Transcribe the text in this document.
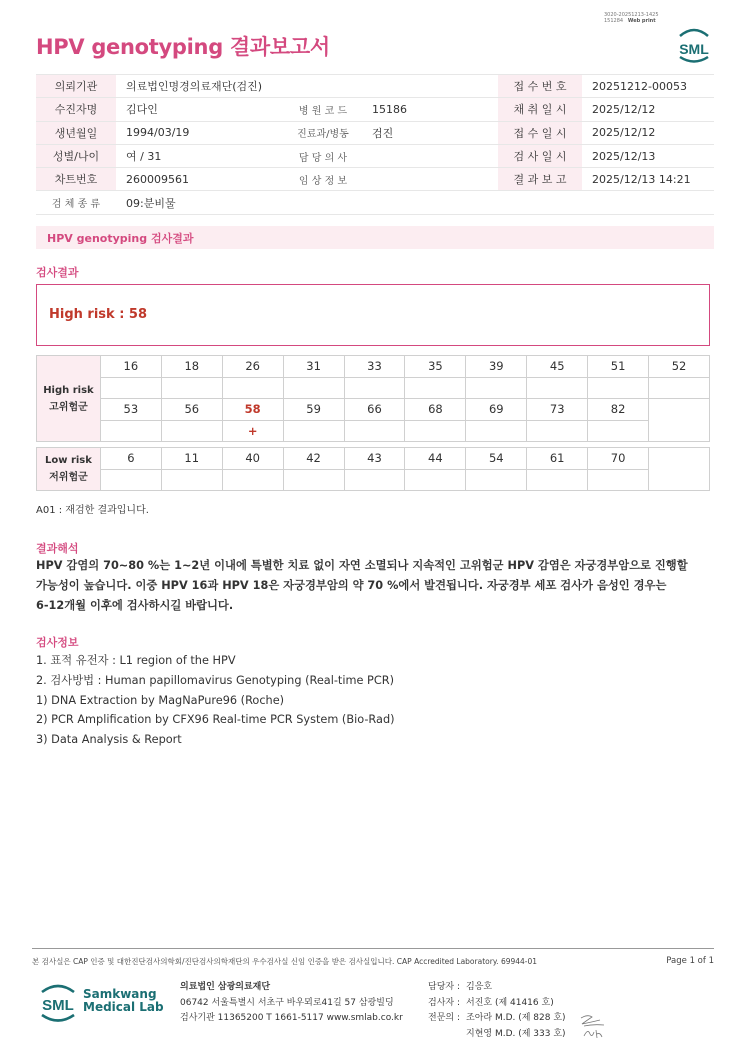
HPV genotyping 결과보고서
3020-20251213-1425
151284 Web print
SML
의뢰기관	의료법인명경의료재단(검진)			접 수 번 호	20251212-00053
수진자명	김다인	병 원 코 드	15186	채 취 일 시	2025/12/12
생년월일	1994/03/19	진료과/병동	검진	접 수 일 시	2025/12/12
성별/나이	여 / 31	담 당 의 사		검 사 일 시	2025/12/13
차트번호	260009561	임 상 정 보		결 과 보 고	2025/12/13 14:21
검 체 종 류	09:분비물				
HPV genotyping 검사결과
검사결과
High risk : 58
High risk
고위험군	16	18	26	31	33	35	39	45	51	52

	53	56	58	59	66	68	69	73	82	
			+							
Low risk
저위험군	6	11	40	42	43	44	54	61	70	

A01 : 재검한 결과입니다.
결과해석
HPV 감염의 70~80 %는 1~2년 이내에 특별한 치료 없이 자연 소멸되나 지속적인 고위험군 HPV 감염은 자궁경부암으로 진행할
가능성이 높습니다. 이중 HPV 16과 HPV 18은 자궁경부암의 약 70 %에서 발견됩니다. 자궁경부 세포 검사가 음성인 경우는
6-12개월 이후에 검사하시길 바랍니다.
검사정보
1. 표적 유전자 : L1 region of the HPV
2. 검사방법 : Human papillomavirus Genotyping (Real-time PCR)
1) DNA Extraction by MagNaPure96 (Roche)
2) PCR Amplification by CFX96 Real-time PCR System (Bio-Rad)
3) Data Analysis & Report
본 검사실은 CAP 인증 및 대한진단검사의학회/진단검사의학재단의 우수검사실 신임 인증을 받은 검사실입니다. CAP Accredited Laboratory. 69944-01	Page 1 of 1
SML
Samkwang
Medical Lab
의료법인 삼광의료재단
06742 서울특별시 서초구 바우뫼로41길 57 삼광빌딩
검사기관 11365200 T 1661-5117 www.smlab.co.kr
담당자 : 김응호
검사자 : 서진호 (제 41416 호)
전문의 : 조아라 M.D. (제 828 호)
지현영 M.D. (제 333 호)
